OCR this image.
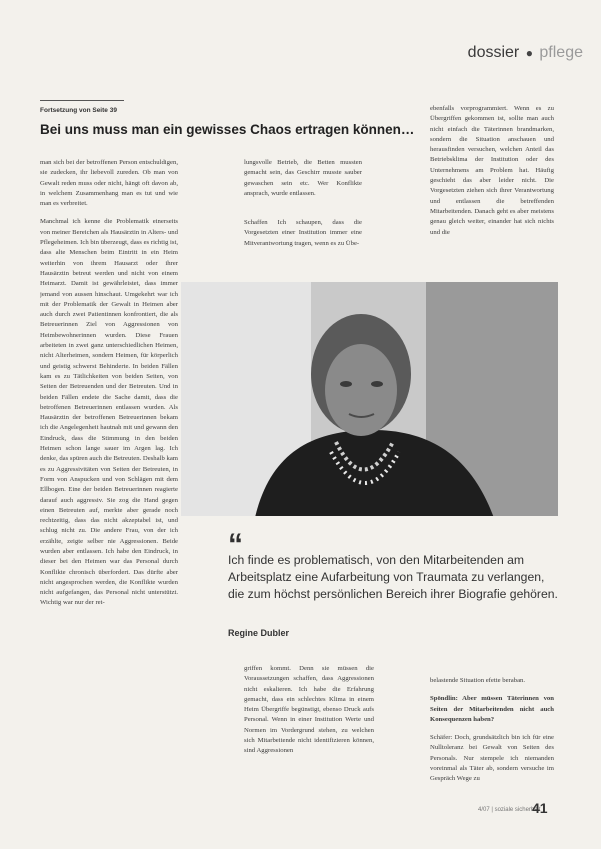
dossier ● pflege
Fortsetzung von Seite 39
Bei uns muss man ein gewisses Chaos ertragen können…

man sich bei der betroffenen Person entschuldigen, sie zudecken, ihr liebevoll zureden. Ob man von Gewalt reden muss oder nicht, hängt oft davon ab, in welchem Zusammenhang man es tut und wie man es verbreitet.

Manchmal ich kenne die Problematik einerseits von meiner Bereichen als Hausärztin in Alters- und Pflegeheimen. Ich bin überzeugt, dass es richtig ist, dass alte Menschen beim Eintritt in ein Heim weiterhin von ihrem Hausarzt oder ihrer Hausärztin betreut werden und nicht von einem Heimarzt. Damit ist gewährleistet, dass immer jemand von aussen hinschaut. Umgekehrt war ich mit der Problematik der Gewalt in Heimen aber auch durch zwei Patientinnen konfrontiert, die als Betreuerinnen Ziel von Aggressionen von Heimbewohnerinnen wurden. Diese Frauen arbeiteten in zwei ganz unterschiedlichen Heimen, nicht Alterheimen, sondern Heimen, für körperlich und geistig schwerst Behinderte. In beiden Fällen kam es zu Tätlichkeiten von beiden Seiten, von Seiten der Betreuenden und der Betreuten. Und in beiden Fällen endete die Sache damit, dass die betroffenen Betreuerinnen entlassen wurden. Als Hausärztin der betroffenen Betreuerinnen bekam ich die Angelegenheit hautnah mit und gewann den Eindruck, dass die Stimmung in den beiden Heimen schon lange sauer im Argen lag. Ich denke, das spüren auch die Betreuten. Deshalb kam es zu Aggressivitäten von Seiten der Betreuten, in Form von Anspucken und von Schlägen mit dem Ellbogen. Eine der beiden Betreuerinnen reagierte darauf auch aggressiv. Sie zog die Hand gegen einen Betreuten auf, merkte aber gerade noch rechtzeitig, dass das nicht akzeptabel ist, und schlug nicht zu. Die andere Frau, von der ich erzählte, zeigte selber nie Aggressionen. Beide wurden aber entlassen. Ich habe den Eindruck, in dieser bei den Heimen war das Personal durch Konflikte chronisch überfordert. Das dürfte aber nicht angesprochen werden, die Konflikte wurden nicht aufgefangen, das Personal nicht unterstützt. Wichtig war nur der ret-

lungsvolle Betrieb, die Betten mussten gemacht sein, das Geschirr musste sauber gewaschen sein etc. Wer Konflikte ansprach, wurde entlassen.

Schaffen Ich schaupen, dass die Vorgesetzten einer Institution immer eine Mitverantwortung tragen, wenn es zu Übe-

ebenfalls vorprogrammiert. Wenn es zu Übergriffen gekommen ist, sollte man auch nicht einfach die Täterinnen brandmarken, sondern die Situation anschauen und herausfinden versuchen, welchen Anteil das Betriebsklima der Institution oder des Unternehmens am Problem hat. Häufig geschieht das aber leider nicht. Die Vorgesetzten ziehen sich ihrer Verantwortung und entlassen die betreffenden Mitarbeitenden. Danach geht es aber meistens genau gleich weiter, einander hat sich nichts und die

“
Ich finde es problematisch, von den Mitarbeitenden am Arbeitsplatz eine Aufarbeitung von Traumata zu verlangen, die zum höchst persönlichen Bereich ihrer Biografie gehören.
Regine Dubler

griffen kommt. Denn sie müssen die Voraussetzungen schaffen, dass Aggressionen nicht eskalieren. Ich habe die Erfahrung gemacht, dass ein schlechtes Klima in einem Heim Übergriffe begünstigt, ebenso Druck aufs Personal. Wenn in einer Institution Werte und Normen im Vordergrund stehen, zu welchen sich Mitarbeitende nicht identifizieren können, sind Aggressionen

belastende Situation efette beraban.

Spöndlin: Aber müssen Täterinnen von Seiten der Mitarbeitenden nicht auch Konsequenzen haben?

Schäfer: Doch, grundsätzlich bin ich für eine Nulltoleranz bei Gewalt von Seiten des Personals. Nur stempele ich niemanden voreinmal als Täter ab, sondern versuche im Gespräch Wege zu

4/07 | soziale sicherheit
41
